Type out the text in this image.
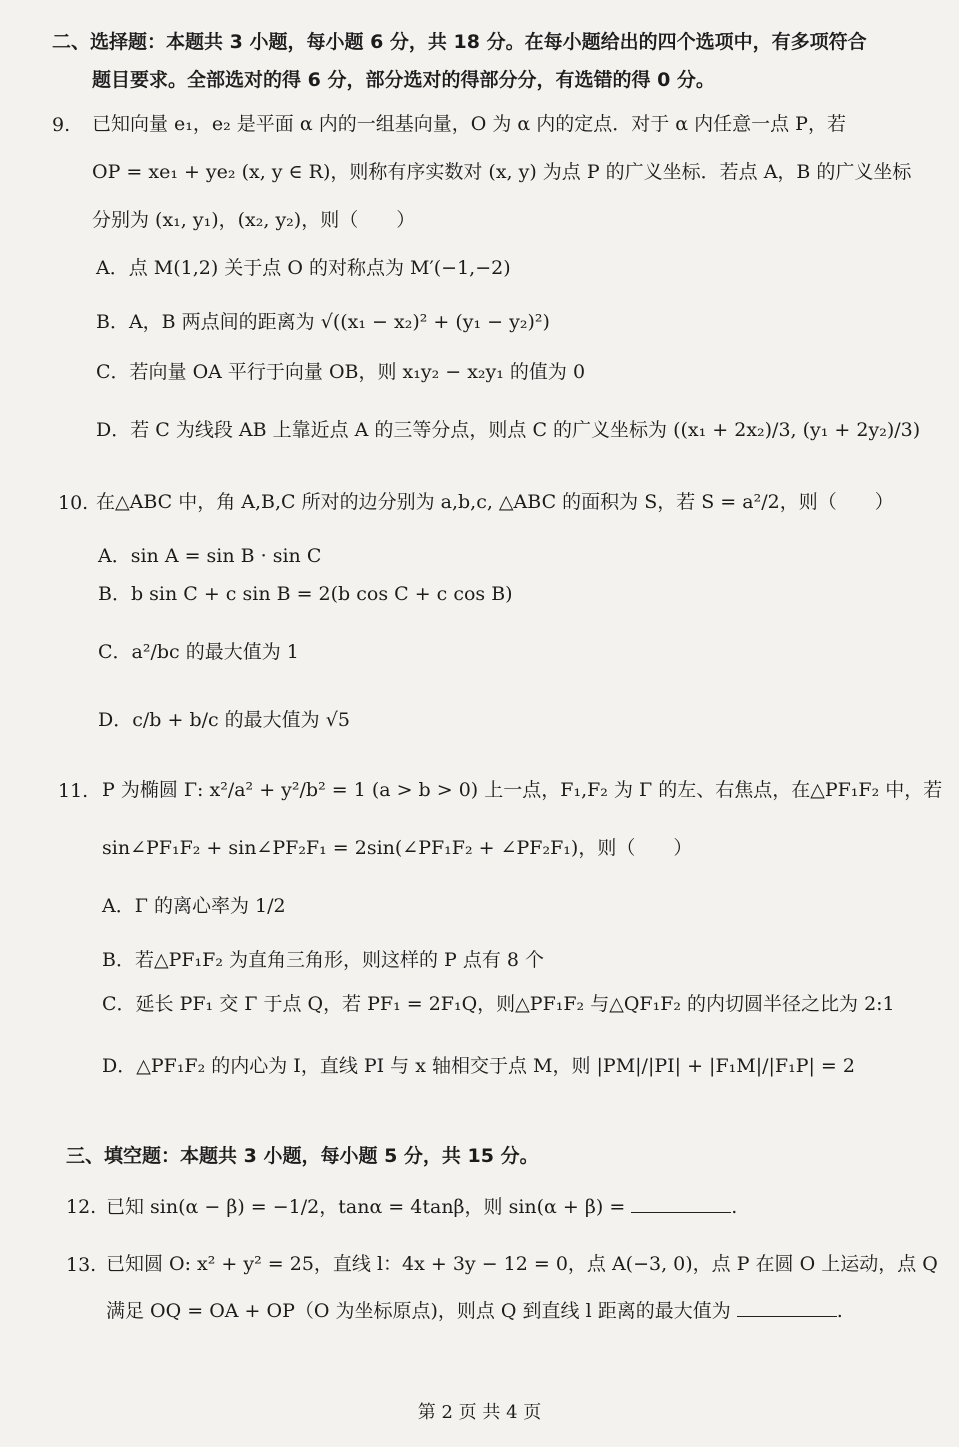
二、选择题：本题共 3 小题，每小题 6 分，共 18 分。在每小题给出的四个选项中，有多项符合
题目要求。全部选对的得 6 分，部分选对的得部分分，有选错的得 0 分。
9. 已知向量 e₁，e₂ 是平面 α 内的一组基向量，O 为 α 内的定点．对于 α 内任意一点 P，若
OP = xe₁ + ye₂ (x, y ∈ R)，则称有序实数对 (x, y) 为点 P 的广义坐标．若点 A，B 的广义坐标
分别为 (x₁, y₁)，(x₂, y₂)，则（　　）
A．点 M(1,2) 关于点 O 的对称点为 M′(−1,−2)
B．A，B 两点间的距离为 √((x₁ − x₂)² + (y₁ − y₂)²)
C．若向量 OA 平行于向量 OB，则 x₁y₂ − x₂y₁ 的值为 0
D．若 C 为线段 AB 上靠近点 A 的三等分点，则点 C 的广义坐标为 ((x₁ + 2x₂)/3, (y₁ + 2y₂)/3)
10. 在△ABC 中，角 A,B,C 所对的边分别为 a,b,c, △ABC 的面积为 S，若 S = a²/2，则（　　）
A．sin A = sin B · sin C
B．b sin C + c sin B = 2(b cos C + c cos B)
C．a²/bc 的最大值为 1
D．c/b + b/c 的最大值为 √5
11. P 为椭圆 Γ: x²/a² + y²/b² = 1 (a > b > 0) 上一点，F₁,F₂ 为 Γ 的左、右焦点，在△PF₁F₂ 中，若
sin∠PF₁F₂ + sin∠PF₂F₁ = 2sin(∠PF₁F₂ + ∠PF₂F₁)，则（　　）
A．Γ 的离心率为 1/2
B．若△PF₁F₂ 为直角三角形，则这样的 P 点有 8 个
C．延长 PF₁ 交 Γ 于点 Q，若 PF₁ = 2F₁Q，则△PF₁F₂ 与△QF₁F₂ 的内切圆半径之比为 2:1
D．△PF₁F₂ 的内心为 I，直线 PI 与 x 轴相交于点 M，则 |PM|/|PI| + |F₁M|/|F₁P| = 2
三、填空题：本题共 3 小题，每小题 5 分，共 15 分。
12. 已知 sin(α − β) = −1/2，tanα = 4tanβ，则 sin(α + β) =	.
13. 已知圆 O: x² + y² = 25，直线 l：4x + 3y − 12 = 0，点 A(−3, 0)，点 P 在圆 O 上运动，点 Q
满足 OQ = OA + OP（O 为坐标原点)，则点 Q 到直线 l 距离的最大值为	.
第 2 页 共 4 页
